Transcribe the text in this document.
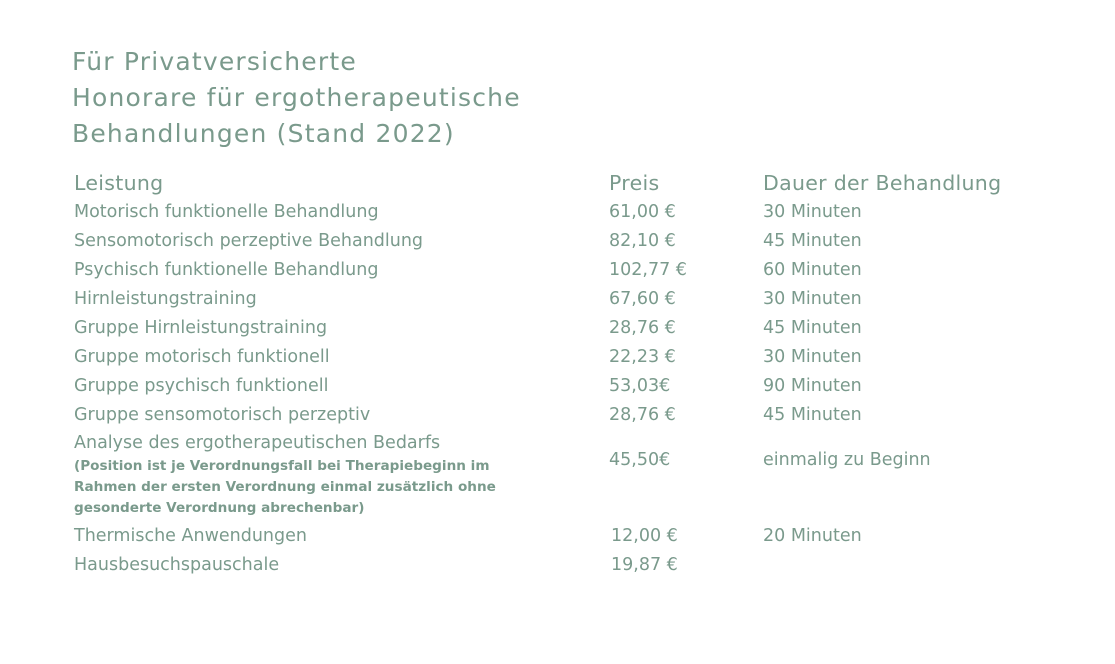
Für Privatversicherte
Honorare für ergotherapeutische
Behandlungen (Stand 2022)
Leistung	Preis	Dauer der Behandlung
Motorisch funktionelle Behandlung	61,00 €	30 Minuten
Sensomotorisch perzeptive Behandlung	82,10 €	45 Minuten
Psychisch funktionelle Behandlung	102,77 €	60 Minuten
Hirnleistungstraining	67,60 €	30 Minuten
Gruppe Hirnleistungstraining	28,76 €	45 Minuten
Gruppe motorisch funktionell	22,23 €	30 Minuten
Gruppe psychisch funktionell	53,03€	90 Minuten
Gruppe sensomotorisch perzeptiv	28,76 €	45 Minuten
Analyse des ergotherapeutischen Bedarfs
(Position ist je Verordnungsfall bei Therapiebeginn im Rahmen der ersten Verordnung einmal zusätzlich ohne gesonderte Verordnung abrechenbar)
45,50€	einmalig zu Beginn
Thermische Anwendungen	12,00 €	20 Minuten
Hausbesuchspauschale	19,87 €
